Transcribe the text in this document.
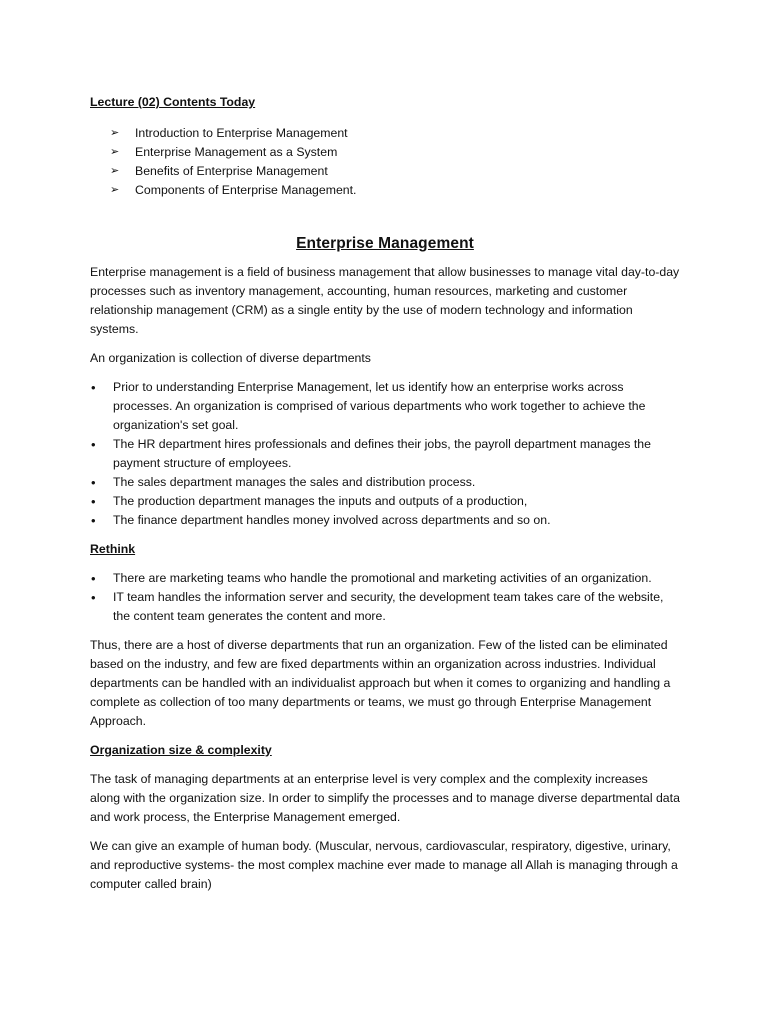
Lecture (02) Contents Today
➢ Introduction to Enterprise Management
➢ Enterprise Management as a System
➢ Benefits of Enterprise Management
➢ Components of Enterprise Management.
Enterprise Management

Enterprise management is a field of business management that allow businesses to manage vital day-to-day processes such as inventory management, accounting, human resources, marketing and customer relationship management (CRM) as a single entity by the use of modern technology and information systems.

An organization is collection of diverse departments

• Prior to understanding Enterprise Management, let us identify how an enterprise works across processes. An organization is comprised of various departments who work together to achieve the organization's set goal.
• The HR department hires professionals and defines their jobs, the payroll department manages the payment structure of employees.
• The sales department manages the sales and distribution process.
• The production department manages the inputs and outputs of a production,
• The finance department handles money involved across departments and so on.
Rethink
• There are marketing teams who handle the promotional and marketing activities of an organization.
• IT team handles the information server and security, the development team takes care of the website, the content team generates the content and more.

Thus, there are a host of diverse departments that run an organization. Few of the listed can be eliminated based on the industry, and few are fixed departments within an organization across industries. Individual departments can be handled with an individualist approach but when it comes to organizing and handling a complete as collection of too many departments or teams, we must go through Enterprise Management Approach.

Organization size & complexity

The task of managing departments at an enterprise level is very complex and the complexity increases along with the organization size. In order to simplify the processes and to manage diverse departmental data and work process, the Enterprise Management emerged.

We can give an example of human body. (Muscular, nervous, cardiovascular, respiratory, digestive, urinary, and reproductive systems- the most complex machine ever made to manage all Allah is managing through a computer called brain)
